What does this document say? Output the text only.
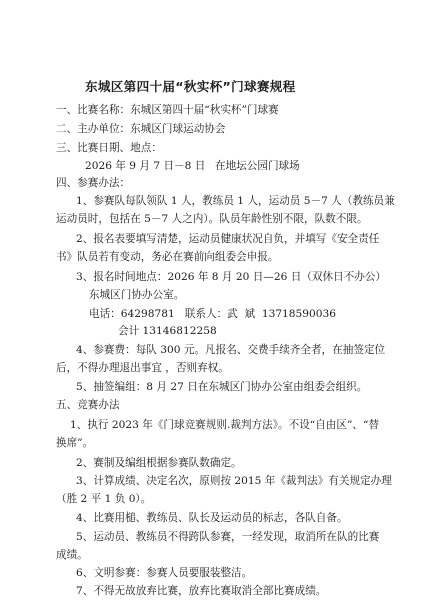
东城区第四十届“秋实杯”门球赛规程
一、比赛名称：东城区第四十届“秋实杯”门球赛
二、主办单位：东城区门球运动协会
三、比赛日期、地点：
2026 年 9 月 7 日－8 日 在地坛公园门球场
四、参赛办法：
1、参赛队每队领队 1 人，教练员 1 人，运动员 5－7 人（教练员兼
运动员时，包括在 5－7 人之内）。队员年龄性别不限，队数不限。
2、报名表要填写清楚，运动员健康状况自负，并填写《安全责任
书》队员若有变动，务必在赛前向组委会申报。
3、报名时间地点：2026 年 8 月 20 日—26 日（双休日不办公）
东城区门协办公室。
电话：64298781   联系人：武  斌  13718590036
会计 13146812258
4、参赛费：每队 300 元。凡报名、交费手续齐全者，在抽签定位
后，不得办理退出事宜 ，否则弃权。
5、抽签编组：8 月 27 日在东城区门协办公室由组委会组织。
五、竞赛办法
1、执行 2023 年《门球竞赛规则.裁判方法》。不设“自由区”、“替
换席”。
2、赛制及编组根据参赛队数确定。
3、计算成绩、决定名次，原则按 2015 年《裁判法》有关规定办理
（胜 2 平 1 负 0）。
4、比赛用槌、教练员、队长及运动员的标志，各队自备。
5、运动员、教练员不得跨队参赛，一经发现，取消所在队的比赛
成绩。
6、文明参赛：参赛人员要服装整洁。
7、不得无故放弃比赛，放弃比赛取消全部比赛成绩。
